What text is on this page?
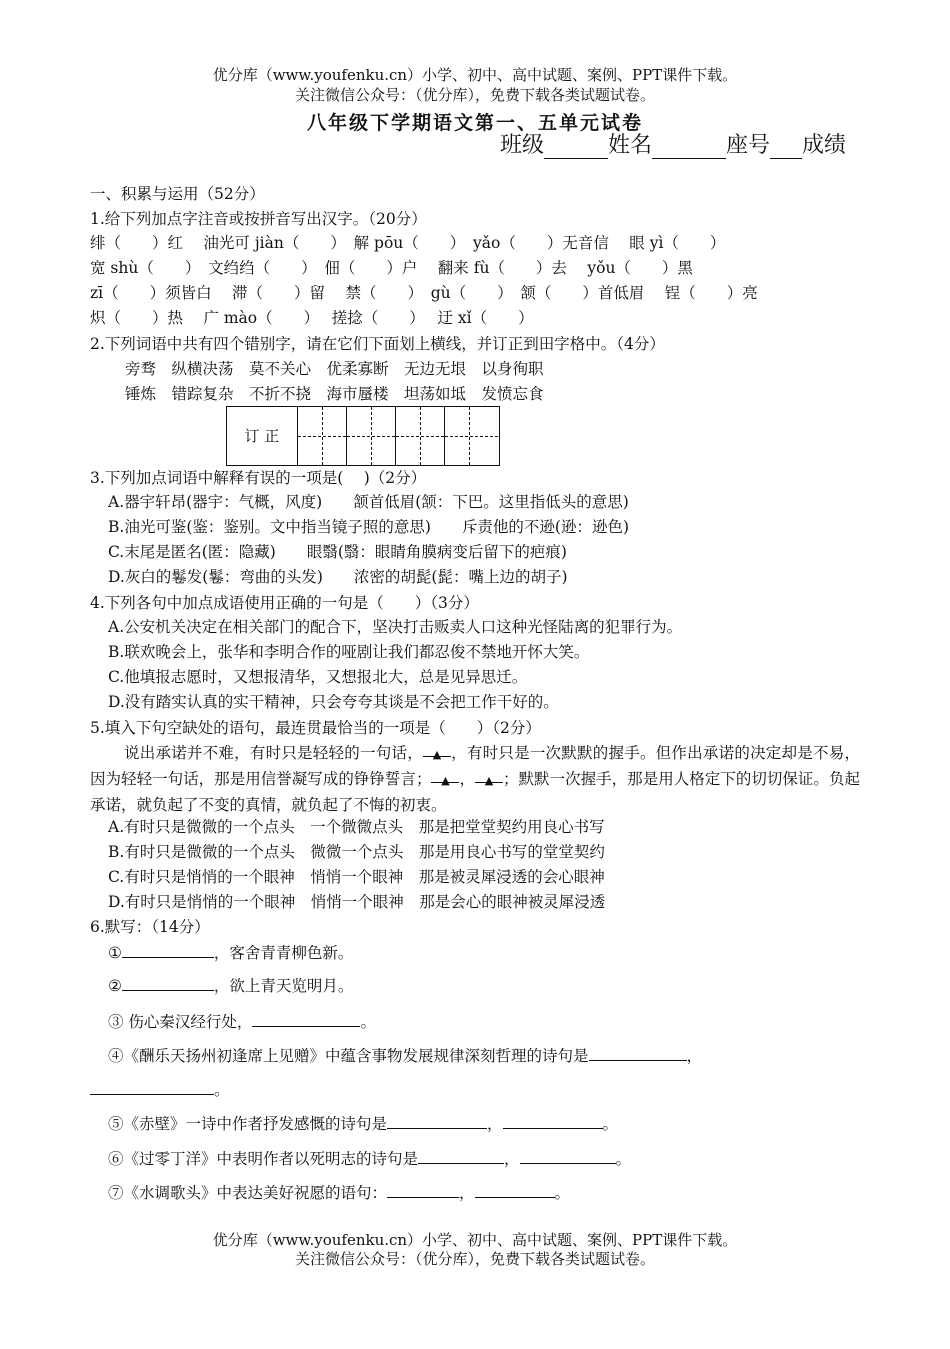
优分库（www.youfenku.cn）小学、初中、高中试题、案例、PPT课件下载。
关注微信公众号：（优分库），免费下载各类试题试卷。
八年级下学期语文第一、五单元试卷
班级	姓名	座号 成绩
一、积累与运用（52分）
1.给下列加点字注音或按拼音写出汉字。（20分）
绯（　　）红　 油光可 jiàn（　　）　解 pōu（　　）　yǎo（　　）无音信　 眼 yì（　　）
宽 shù（　　）　文绉绉（　　）　佃（　　）户　 翻来 fù（　　）去　 yǒu（　　）黑
zī（　　）须皆白　 滞（　　）留　 禁（　　）　gù（　　）　颔（　　）首低眉　 锃（　　）亮
炽（　　）热　 广 mào（　　）　 搓捻（　　）　 迂 xǐ（　　）
2.下列词语中共有四个错别字，请在它们下面划上横线，并订正到田字格中。（4分）
旁骛　纵横决荡　莫不关心　优柔寡断　无边无垠　以身徇职
锤炼　错踪复杂　不折不挠　海市蜃楼　坦荡如坻　发愤忘食
订 正
3.下列加点词语中解释有误的一项是(　 )（2分）
A.器宇轩昂(器宇：气概，风度)　　颔首低眉(颔：下巴。这里指低头的意思)
B.油光可鉴(鉴：鉴别。文中指当镜子照的意思)　　斥责他的不逊(逊：逊色)
C.末尾是匿名(匿：隐藏)　　眼翳(翳：眼睛角膜病变后留下的疤痕)
D.灰白的鬈发(鬈：弯曲的头发)　　浓密的胡髭(髭：嘴上边的胡子)
4.下列各句中加点成语使用正确的一句是（　　）（3分）
A.公安机关决定在相关部门的配合下，坚决打击贩卖人口这种光怪陆离的犯罪行为。
B.联欢晚会上，张华和李明合作的哑剧让我们都忍俊不禁地开怀大笑。
C.他填报志愿时，又想报清华，又想报北大，总是见异思迁。
D.没有踏实认真的实干精神，只会夸夸其谈是不会把工作干好的。
5.填入下句空缺处的语句，最连贯最恰当的一项是（　　）（2分）
说出承诺并不难，有时只是轻轻的一句话， ▲ ，有时只是一次默默的握手。但作出承诺的决定却是不易，因为轻轻一句话，那是用信誉凝写成的铮铮誓言； ▲ ， ▲ ；默默一次握手，那是用人格定下的切切保证。负起承诺，就负起了不变的真情，就负起了不悔的初衷。
A.有时只是微微的一个点头　一个微微点头　那是把堂堂契约用良心书写
B.有时只是微微的一个点头　微微一个点头　那是用良心书写的堂堂契约
C.有时只是悄悄的一个眼神　悄悄一个眼神　那是被灵犀浸透的会心眼神
D.有时只是悄悄的一个眼神　悄悄一个眼神　那是会心的眼神被灵犀浸透
6.默写：（14分）
①	，客舍青青柳色新。
②	，欲上青天览明月。
③ 伤心秦汉经行处，	。
④《酬乐天扬州初逢席上见赠》中蕴含事物发展规律深刻哲理的诗句是	，
。
⑤《赤壁》一诗中作者抒发感慨的诗句是	，	。
⑥《过零丁洋》中表明作者以死明志的诗句是	，	。
⑦《水调歌头》中表达美好祝愿的语句：	，	。
优分库（www.youfenku.cn）小学、初中、高中试题、案例、PPT课件下载。
关注微信公众号：（优分库），免费下载各类试题试卷。
